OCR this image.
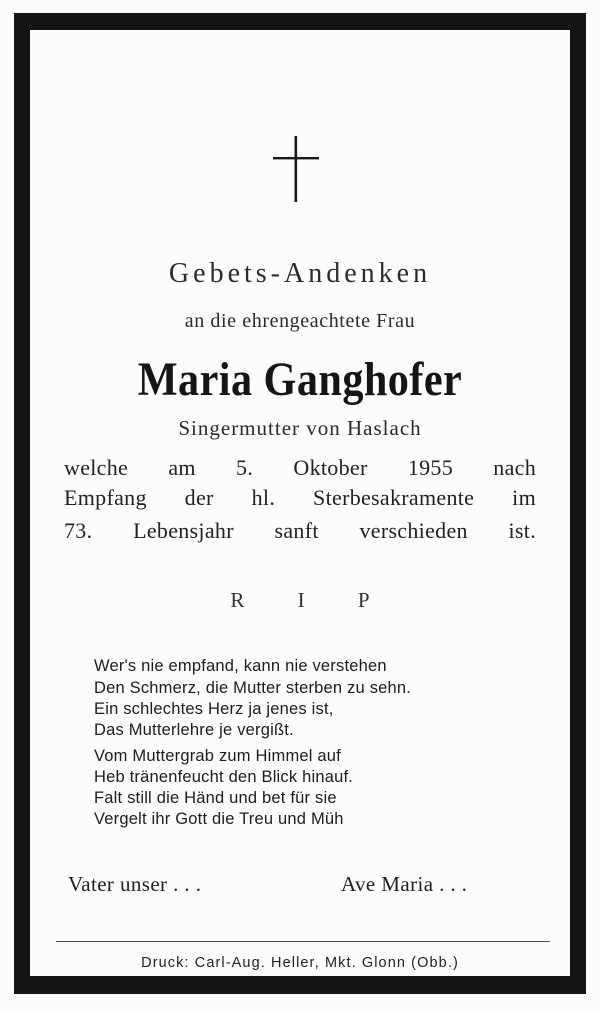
Gebets-Andenken
an die ehrengeachtete Frau
Maria Ganghofer
Singermutter von Haslach
welche am 5. Oktober 1955 nach
Empfang der hl. Sterbesakramente im
73. Lebensjahr sanft verschieden ist.
R I P
Wer's nie empfand, kann nie verstehen
Den Schmerz, die Mutter sterben zu sehn.
Ein schlechtes Herz ja jenes ist,
Das Mutterlehre je vergißt.
Vom Muttergrab zum Himmel auf
Heb tränenfeucht den Blick hinauf.
Falt still die Händ und bet für sie
Vergelt ihr Gott die Treu und Müh
Vater unser . . .	Ave Maria . . .
Druck: Carl-Aug. Heller, Mkt. Glonn (Obb.)
